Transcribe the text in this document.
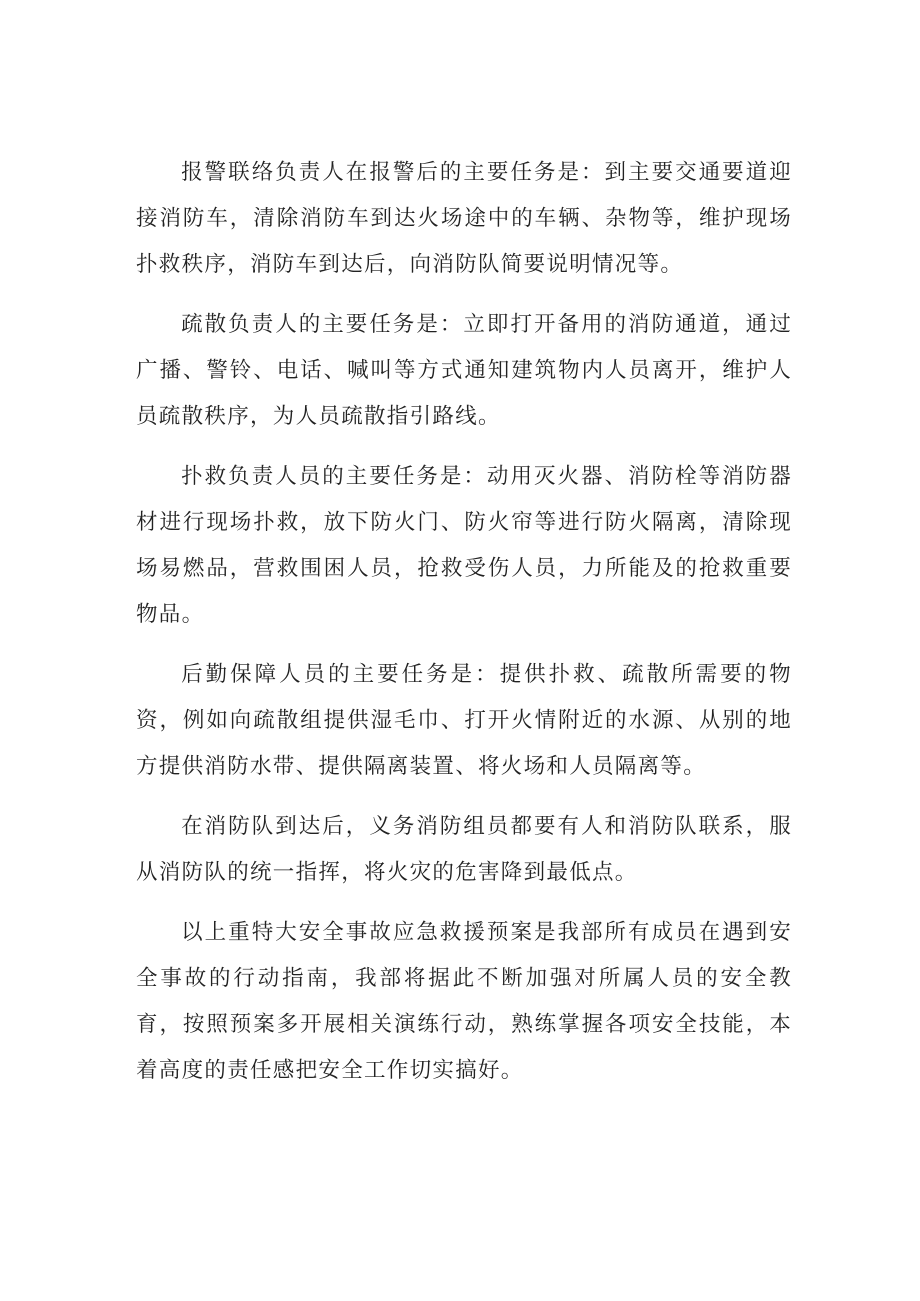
报警联络负责人在报警后的主要任务是：到主要交通要道迎接消防车，清除消防车到达火场途中的车辆、杂物等，维护现场扑救秩序，消防车到达后，向消防队简要说明情况等。

疏散负责人的主要任务是：立即打开备用的消防通道，通过广播、警铃、电话、喊叫等方式通知建筑物内人员离开，维护人员疏散秩序，为人员疏散指引路线。

扑救负责人员的主要任务是：动用灭火器、消防栓等消防器材进行现场扑救，放下防火门、防火帘等进行防火隔离，清除现场易燃品，营救围困人员，抢救受伤人员，力所能及的抢救重要物品。

后勤保障人员的主要任务是：提供扑救、疏散所需要的物资，例如向疏散组提供湿毛巾、打开火情附近的水源、从别的地方提供消防水带、提供隔离装置、将火场和人员隔离等。

在消防队到达后，义务消防组员都要有人和消防队联系，服从消防队的统一指挥，将火灾的危害降到最低点。

以上重特大安全事故应急救援预案是我部所有成员在遇到安全事故的行动指南，我部将据此不断加强对所属人员的安全教育，按照预案多开展相关演练行动，熟练掌握各项安全技能，本着高度的责任感把安全工作切实搞好。
